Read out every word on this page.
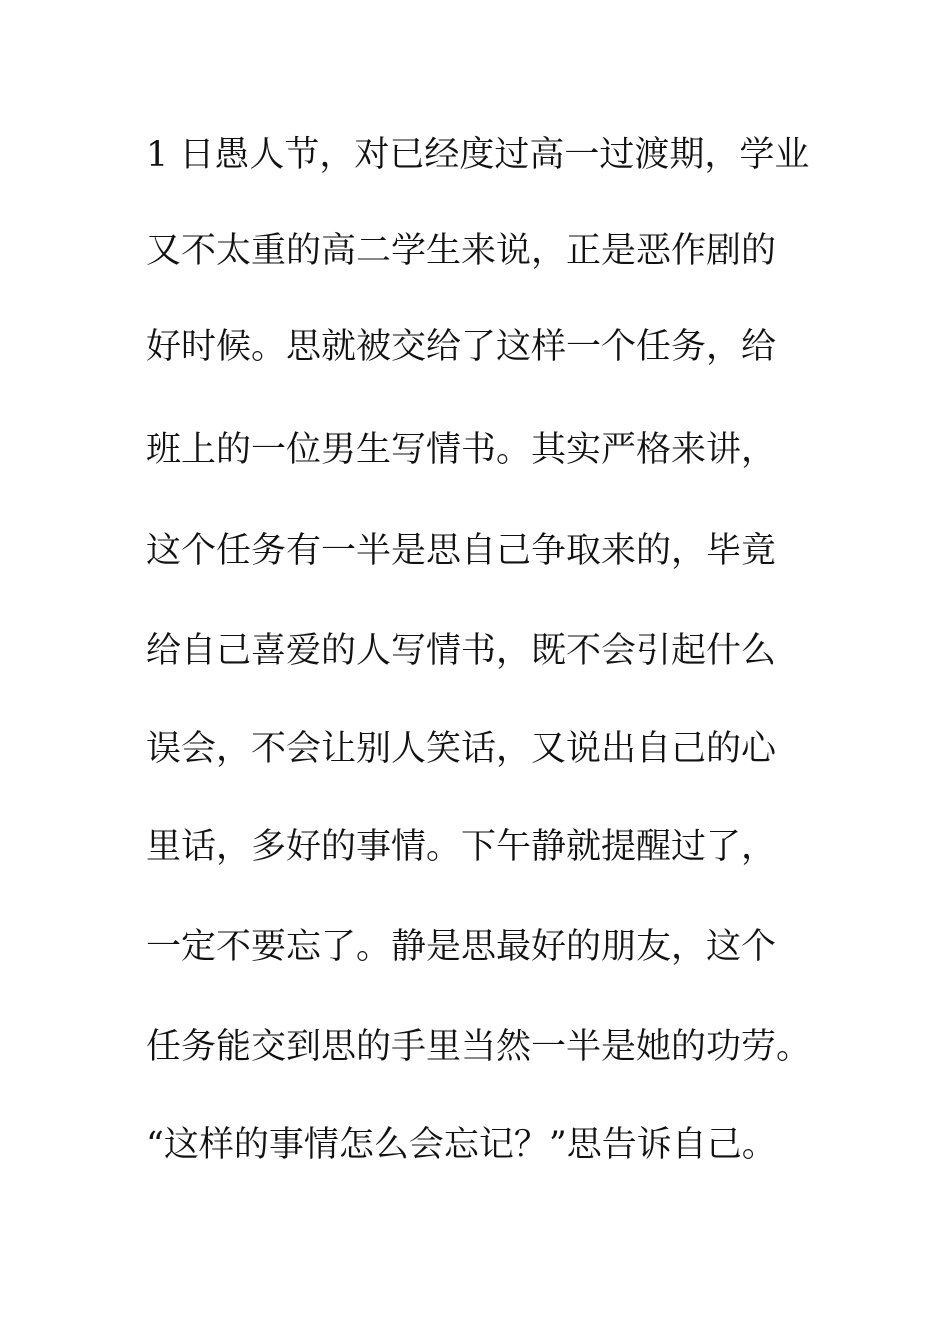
1 日愚人节，对已经度过高一过渡期，学业
又不太重的高二学生来说，正是恶作剧的
好时候。思就被交给了这样一个任务，给
班上的一位男生写情书。其实严格来讲，
这个任务有一半是思自己争取来的，毕竟
给自己喜爱的人写情书，既不会引起什么
误会，不会让别人笑话，又说出自己的心
里话，多好的事情。下午静就提醒过了，
一定不要忘了。静是思最好的朋友，这个
任务能交到思的手里当然一半是她的功劳。
“这样的事情怎么会忘记？”思告诉自己。
